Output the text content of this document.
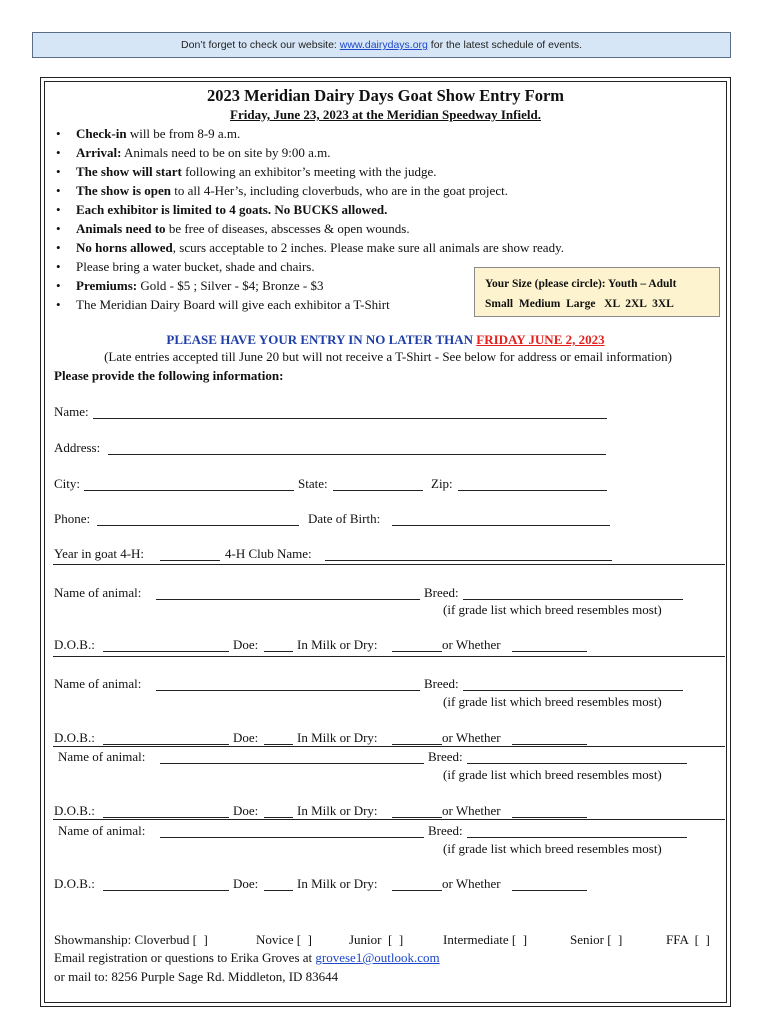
Don’t forget to check our website: www.dairydays.org for the latest schedule of events.
2023 Meridian Dairy Days Goat Show Entry Form
Friday, June 23, 2023 at the Meridian Speedway Infield.
• Check-in will be from 8-9 a.m.
• Arrival: Animals need to be on site by 9:00 a.m.
• The show will start following an exhibitor’s meeting with the judge.
• The show is open to all 4-Her’s, including cloverbuds, who are in the goat project.
• Each exhibitor is limited to 4 goats. No BUCKS allowed.
• Animals need to be free of diseases, abscesses & open wounds.
• No horns allowed, scurs acceptable to 2 inches. Please make sure all animals are show ready.
• Please bring a water bucket, shade and chairs.
• Premiums: Gold - $5 ; Silver - $4; Bronze - $3
• The Meridian Dairy Board will give each exhibitor a T-Shirt
Your Size (please circle): Youth – Adult
Small  Medium  Large   XL  2XL  3XL
PLEASE HAVE YOUR ENTRY IN NO LATER THAN FRIDAY JUNE 2, 2023
(Late entries accepted till June 20 but will not receive a T-Shirt - See below for address or email information)
Please provide the following information:
Name:
Address:
City:	State:	Zip:
Phone:	Date of Birth:
Year in goat 4-H:	4-H Club Name:
Name of animal:	Breed:
(if grade list which breed resembles most)
D.O.B.:	Doe:	In Milk or Dry:	or Whether
Name of animal:	Breed:
(if grade list which breed resembles most)
D.O.B.:	Doe:	In Milk or Dry:	or Whether
Name of animal:	Breed:
(if grade list which breed resembles most)
D.O.B.:	Doe:	In Milk or Dry:	or Whether
Name of animal:	Breed:
(if grade list which breed resembles most)
D.O.B.:	Doe:	In Milk or Dry:	or Whether
Showmanship: Cloverbud [  ]	Novice [  ]	Junior  [  ]	Intermediate [  ]	Senior [  ]	FFA  [  ]
Email registration or questions to Erika Groves at grovese1@outlook.com
or mail to: 8256 Purple Sage Rd. Middleton, ID 83644
